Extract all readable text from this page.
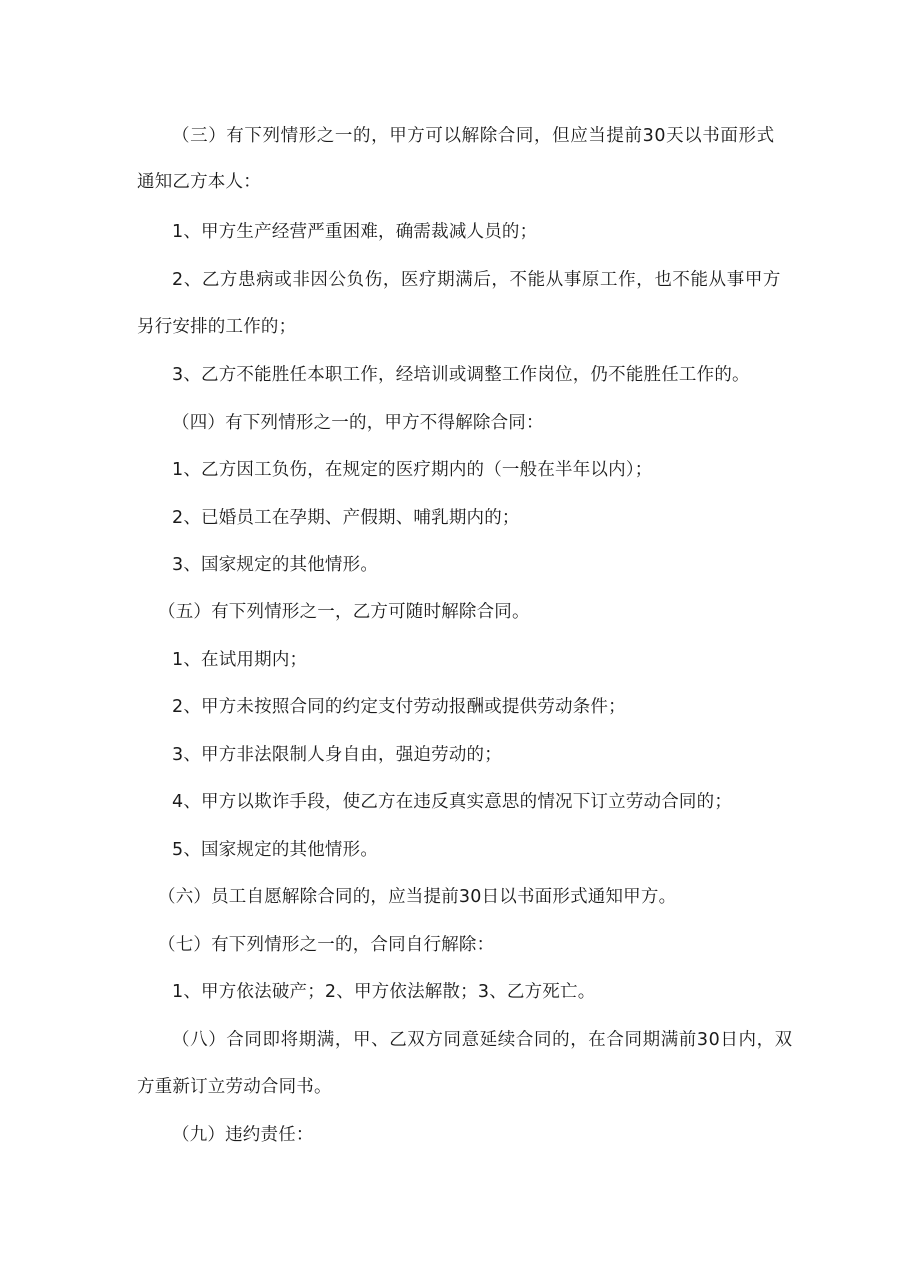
（三）有下列情形之一的，甲方可以解除合同，但应当提前30天以书面形式
通知乙方本人：
1、甲方生产经营严重困难，确需裁减人员的；
2、乙方患病或非因公负伤，医疗期满后，不能从事原工作，也不能从事甲方
另行安排的工作的；
3、乙方不能胜任本职工作，经培训或调整工作岗位，仍不能胜任工作的。
（四）有下列情形之一的，甲方不得解除合同：
1、乙方因工负伤，在规定的医疗期内的（一般在半年以内）；
2、已婚员工在孕期、产假期、哺乳期内的；
3、国家规定的其他情形。
（五）有下列情形之一，乙方可随时解除合同。
1、在试用期内；
2、甲方未按照合同的约定支付劳动报酬或提供劳动条件；
3、甲方非法限制人身自由，强迫劳动的；
4、甲方以欺诈手段，使乙方在违反真实意思的情况下订立劳动合同的；
5、国家规定的其他情形。
（六）员工自愿解除合同的，应当提前30日以书面形式通知甲方。
（七）有下列情形之一的，合同自行解除：
1、甲方依法破产；2、甲方依法解散；3、乙方死亡。
（八）合同即将期满，甲、乙双方同意延续合同的，在合同期满前30日内，双
方重新订立劳动合同书。
（九）违约责任：
